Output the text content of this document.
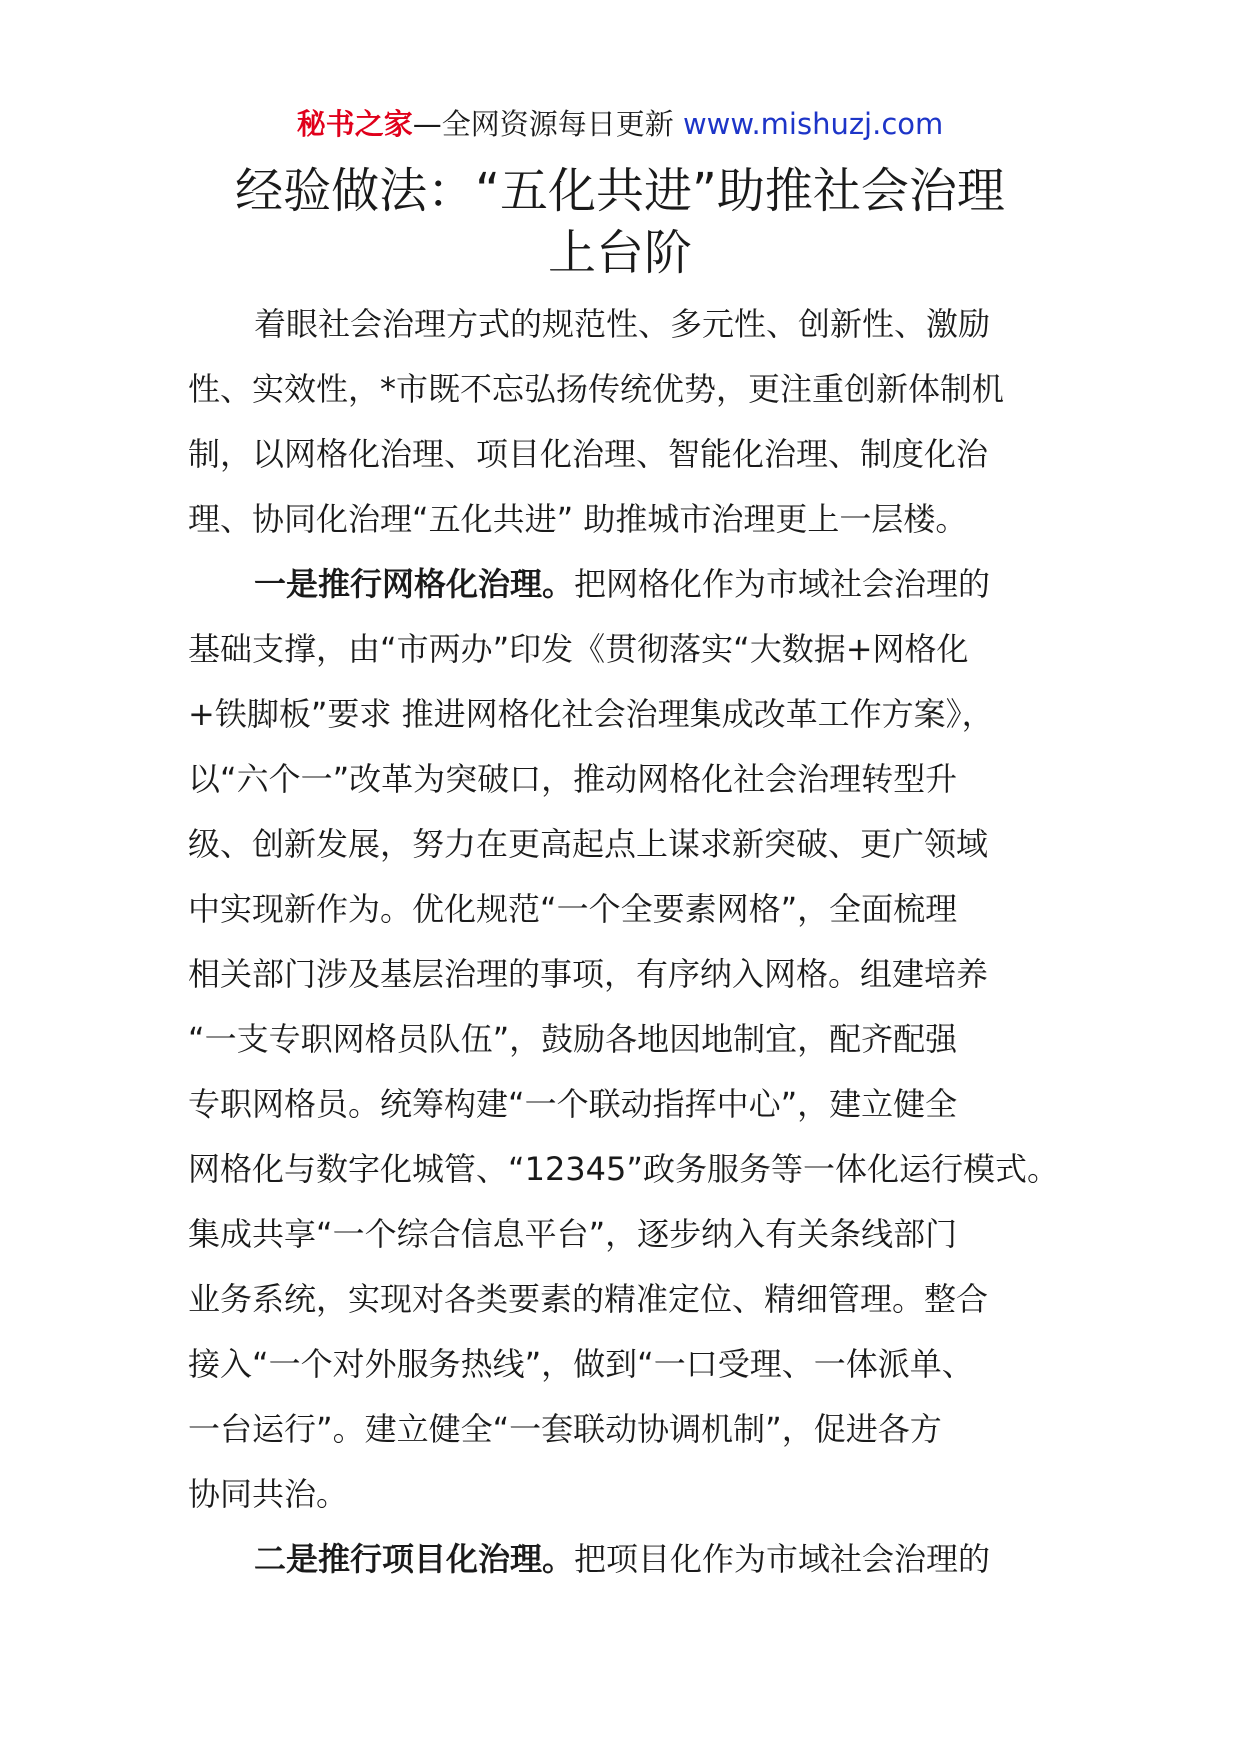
秘书之家—全网资源每日更新 www.mishuzj.com
经验做法：“五化共进”助推社会治理
上台阶
着眼社会治理方式的规范性、多元性、创新性、激励
性、实效性，*市既不忘弘扬传统优势，更注重创新体制机
制，以网格化治理、项目化治理、智能化治理、制度化治
理、协同化治理“五化共进” 助推城市治理更上一层楼。
一是推行网格化治理。把网格化作为市域社会治理的
基础支撑，由“市两办”印发《贯彻落实“大数据+网格化
+铁脚板”要求 推进网格化社会治理集成改革工作方案》，
以“六个一”改革为突破口，推动网格化社会治理转型升
级、创新发展，努力在更高起点上谋求新突破、更广领域
中实现新作为。优化规范“一个全要素网格”，全面梳理
相关部门涉及基层治理的事项，有序纳入网格。组建培养
“一支专职网格员队伍”，鼓励各地因地制宜，配齐配强
专职网格员。统筹构建“一个联动指挥中心”，建立健全
网格化与数字化城管、“12345”政务服务等一体化运行模式。
集成共享“一个综合信息平台”，逐步纳入有关条线部门
业务系统，实现对各类要素的精准定位、精细管理。整合
接入“一个对外服务热线”，做到“一口受理、一体派单、
一台运行”。建立健全“一套联动协调机制”，促进各方
协同共治。
二是推行项目化治理。把项目化作为市域社会治理的
